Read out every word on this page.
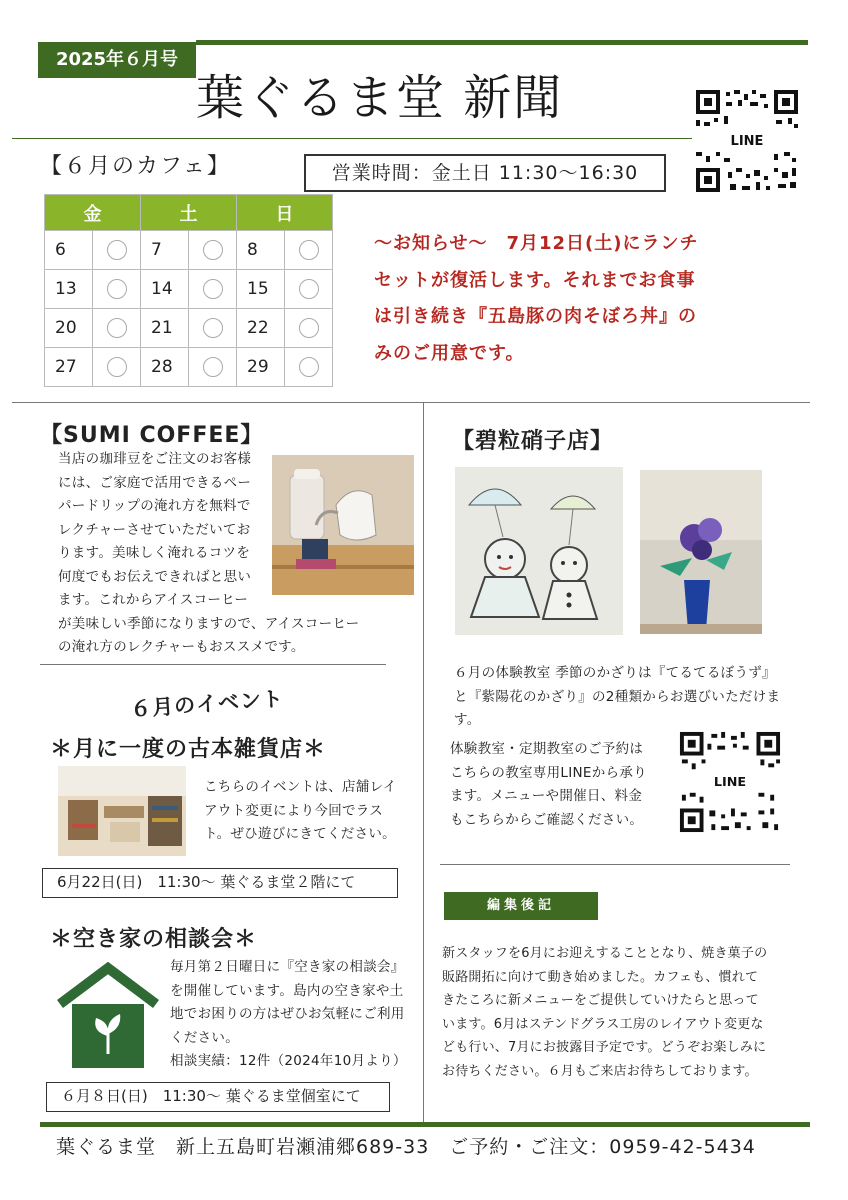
2025年６月号
葉ぐるま堂 新聞
LINE
【６月のカフェ】	営業時間：金土日 11:30〜16:30
金		土		日	
6		7		8	
13		14		15	
20		21		22	
27		28		29	
〜お知らせ〜　7月12日(土)にランチ
セットが復活します。それまでお食事
は引き続き『五島豚の肉そぼろ丼』の
みのご用意です。
【SUMI COFFEE】
当店の珈琲豆をご注文のお客様
には、ご家庭で活用できるペー
パードリップの淹れ方を無料で
レクチャーさせていただいてお
ります。美味しく淹れるコツを
何度でもお伝えできればと思い
ます。これからアイスコーヒー
が美味しい季節になりますので、アイスコーヒー
の淹れ方のレクチャーもおススメです。
６月のイベント
＊月に一度の古本雑貨店＊
こちらのイベントは、店舗レイ
アウト変更により今回でラス
ト。ぜひ遊びにきてください。
6月22日(日)　11:30〜 葉ぐるま堂２階にて
＊空き家の相談会＊
毎月第２日曜日に『空き家の相談会』
を開催しています。島内の空き家や土
地でお困りの方はぜひお気軽にご利用
ください。
相談実績：12件（2024年10月より）
６月８日(日)　11:30〜 葉ぐるま堂個室にて
【碧粒硝子店】
６月の体験教室 季節のかざりは『てるてるぼうず』
と『紫陽花のかざり』の2種類からお選びいただけま
す。
体験教室・定期教室のご予約は
こちらの教室専用LINEから承り
ます。メニューや開催日、料金
もこちらからご確認ください。
LINE
編集後記
新スタッフを6月にお迎えすることとなり、焼き菓子の
販路開拓に向けて動き始めました。カフェも、慣れて
きたころに新メニューをご提供していけたらと思って
います。6月はステンドグラス工房のレイアウト変更な
ども行い、7月にお披露目予定です。どうぞお楽しみに
お待ちください。６月もご来店お待ちしております。
葉ぐるま堂　新上五島町岩瀬浦郷689-33　ご予約・ご注文：0959-42-5434
